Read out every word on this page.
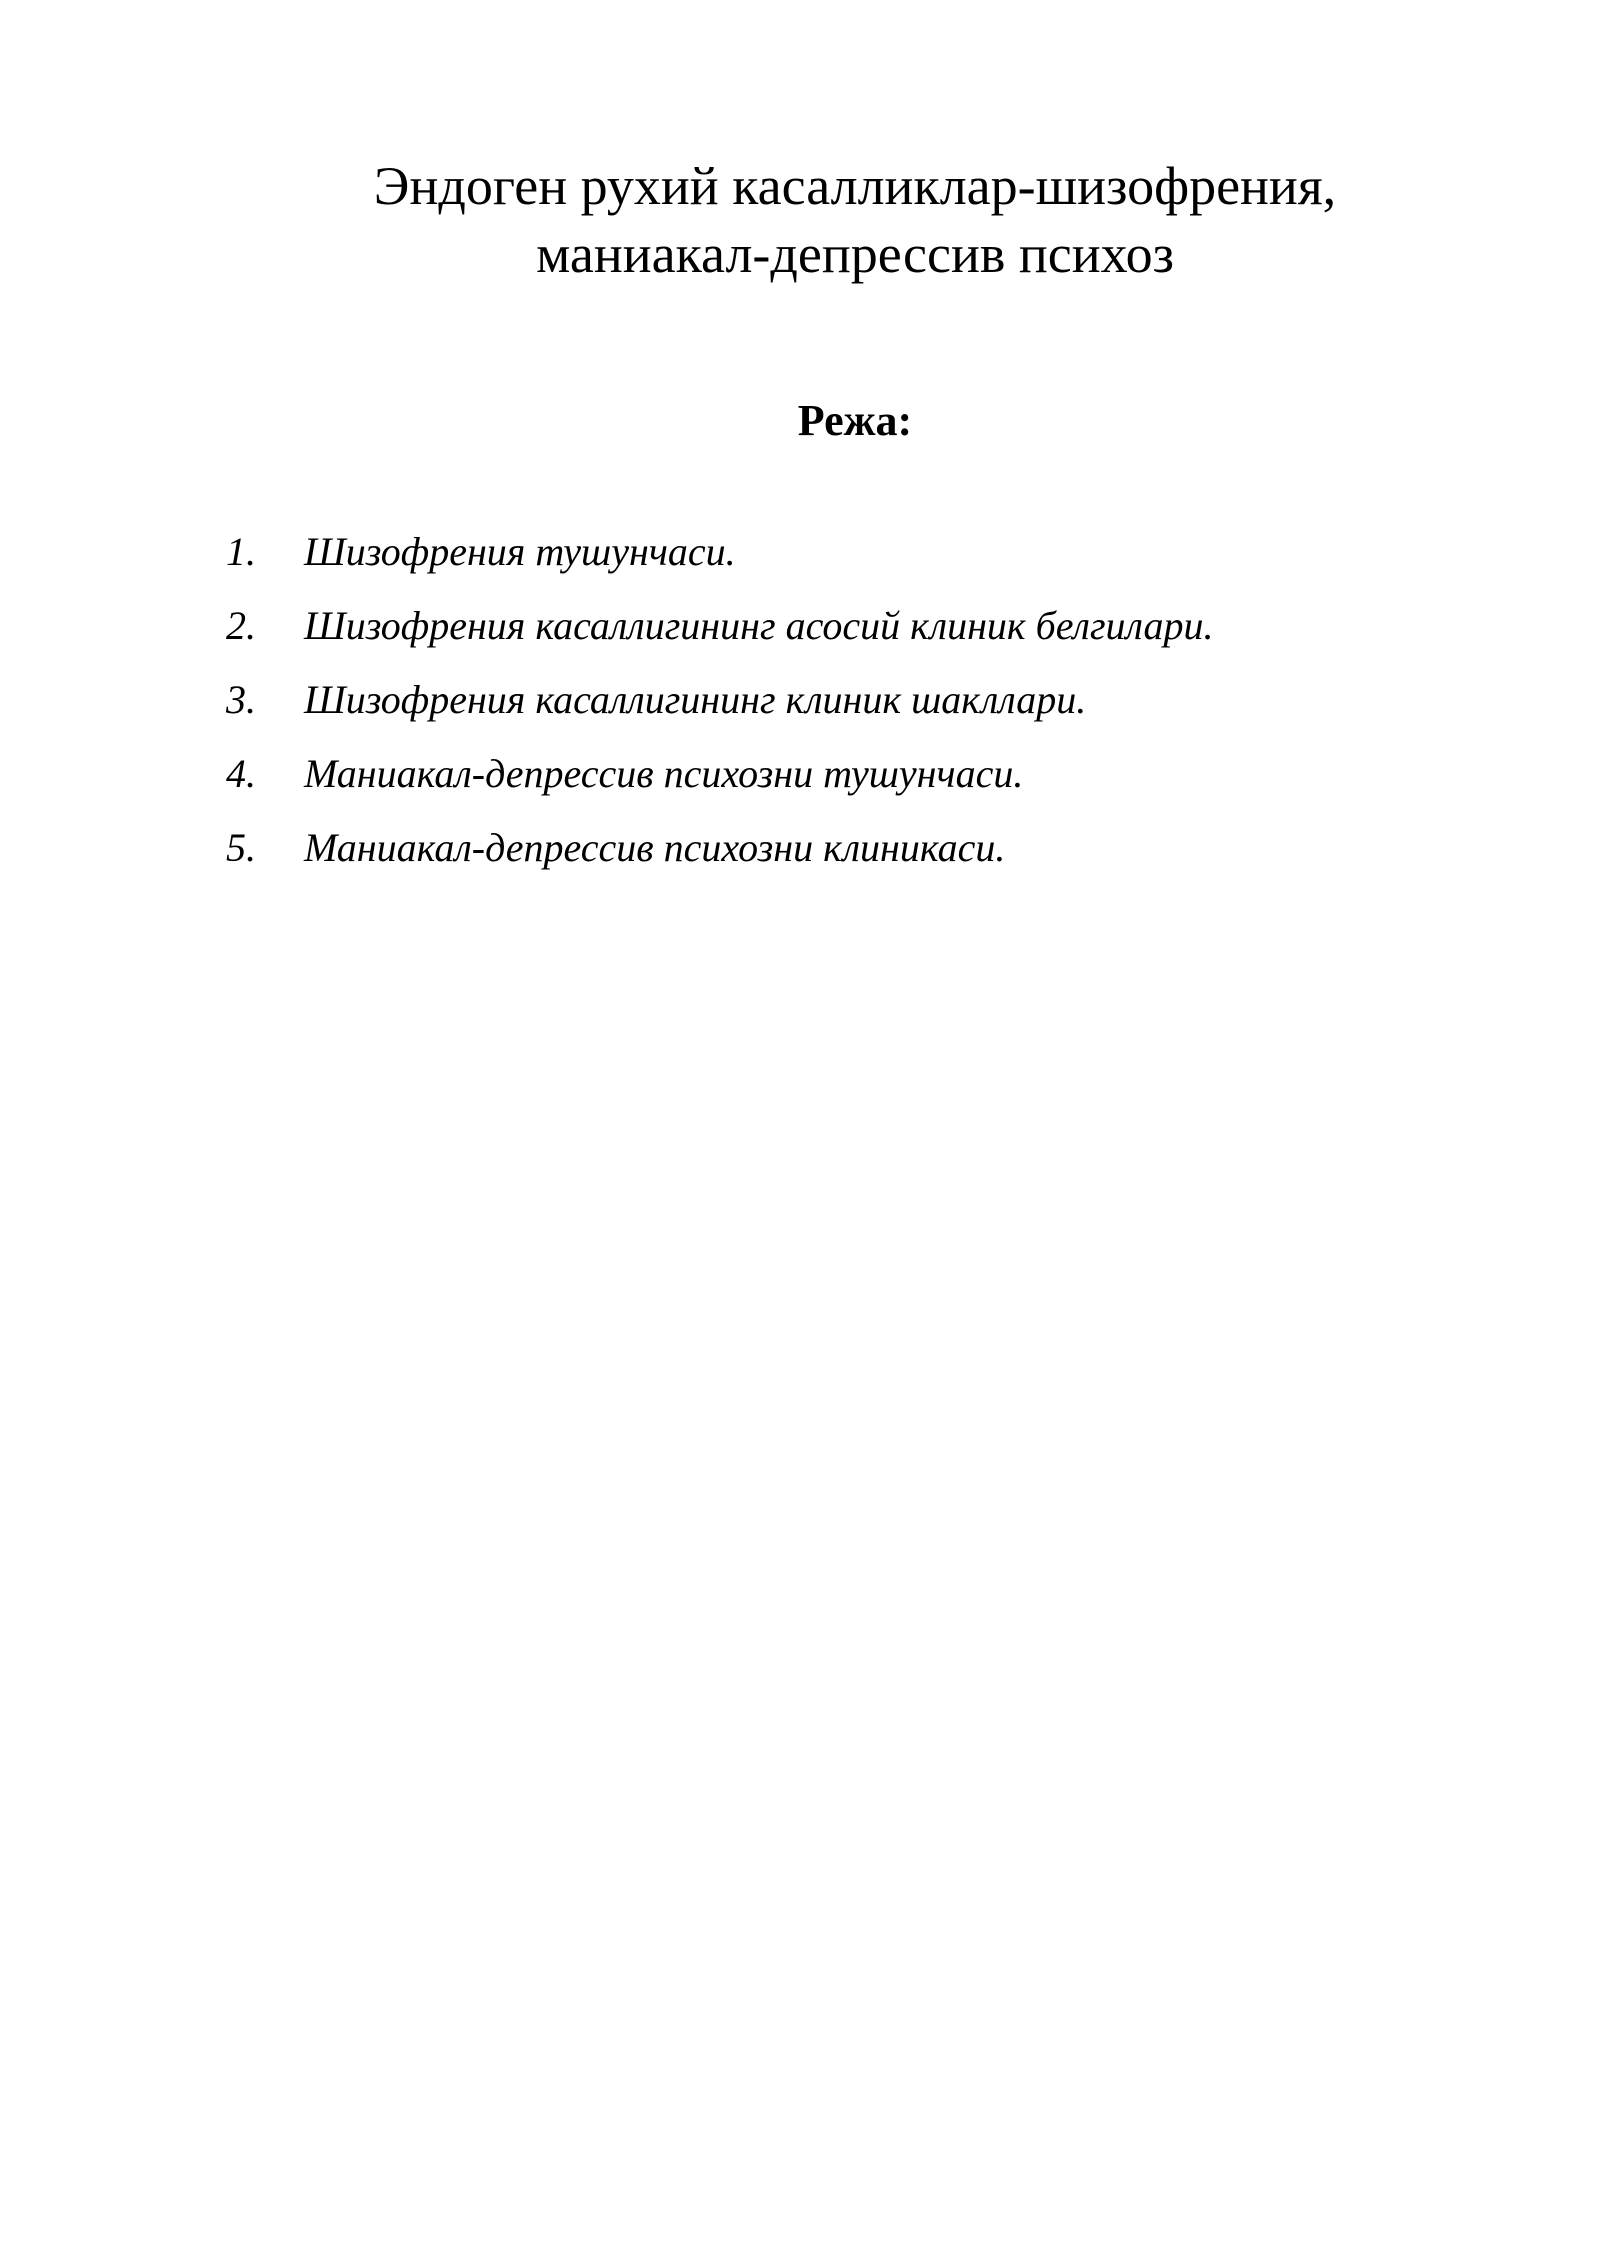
Эндоген рухий касалликлар-шизофрения,
маниакал-депрессив психоз
Режа:
1.	Шизофрения тушунчаси.
2.	Шизофрения касаллигининг асосий клиник белгилари.
3.	Шизофрения касаллигининг клиник шакллари.
4.	Маниакал-депрессив психозни тушунчаси.
5.	Маниакал-депрессив психозни клиникаси.
